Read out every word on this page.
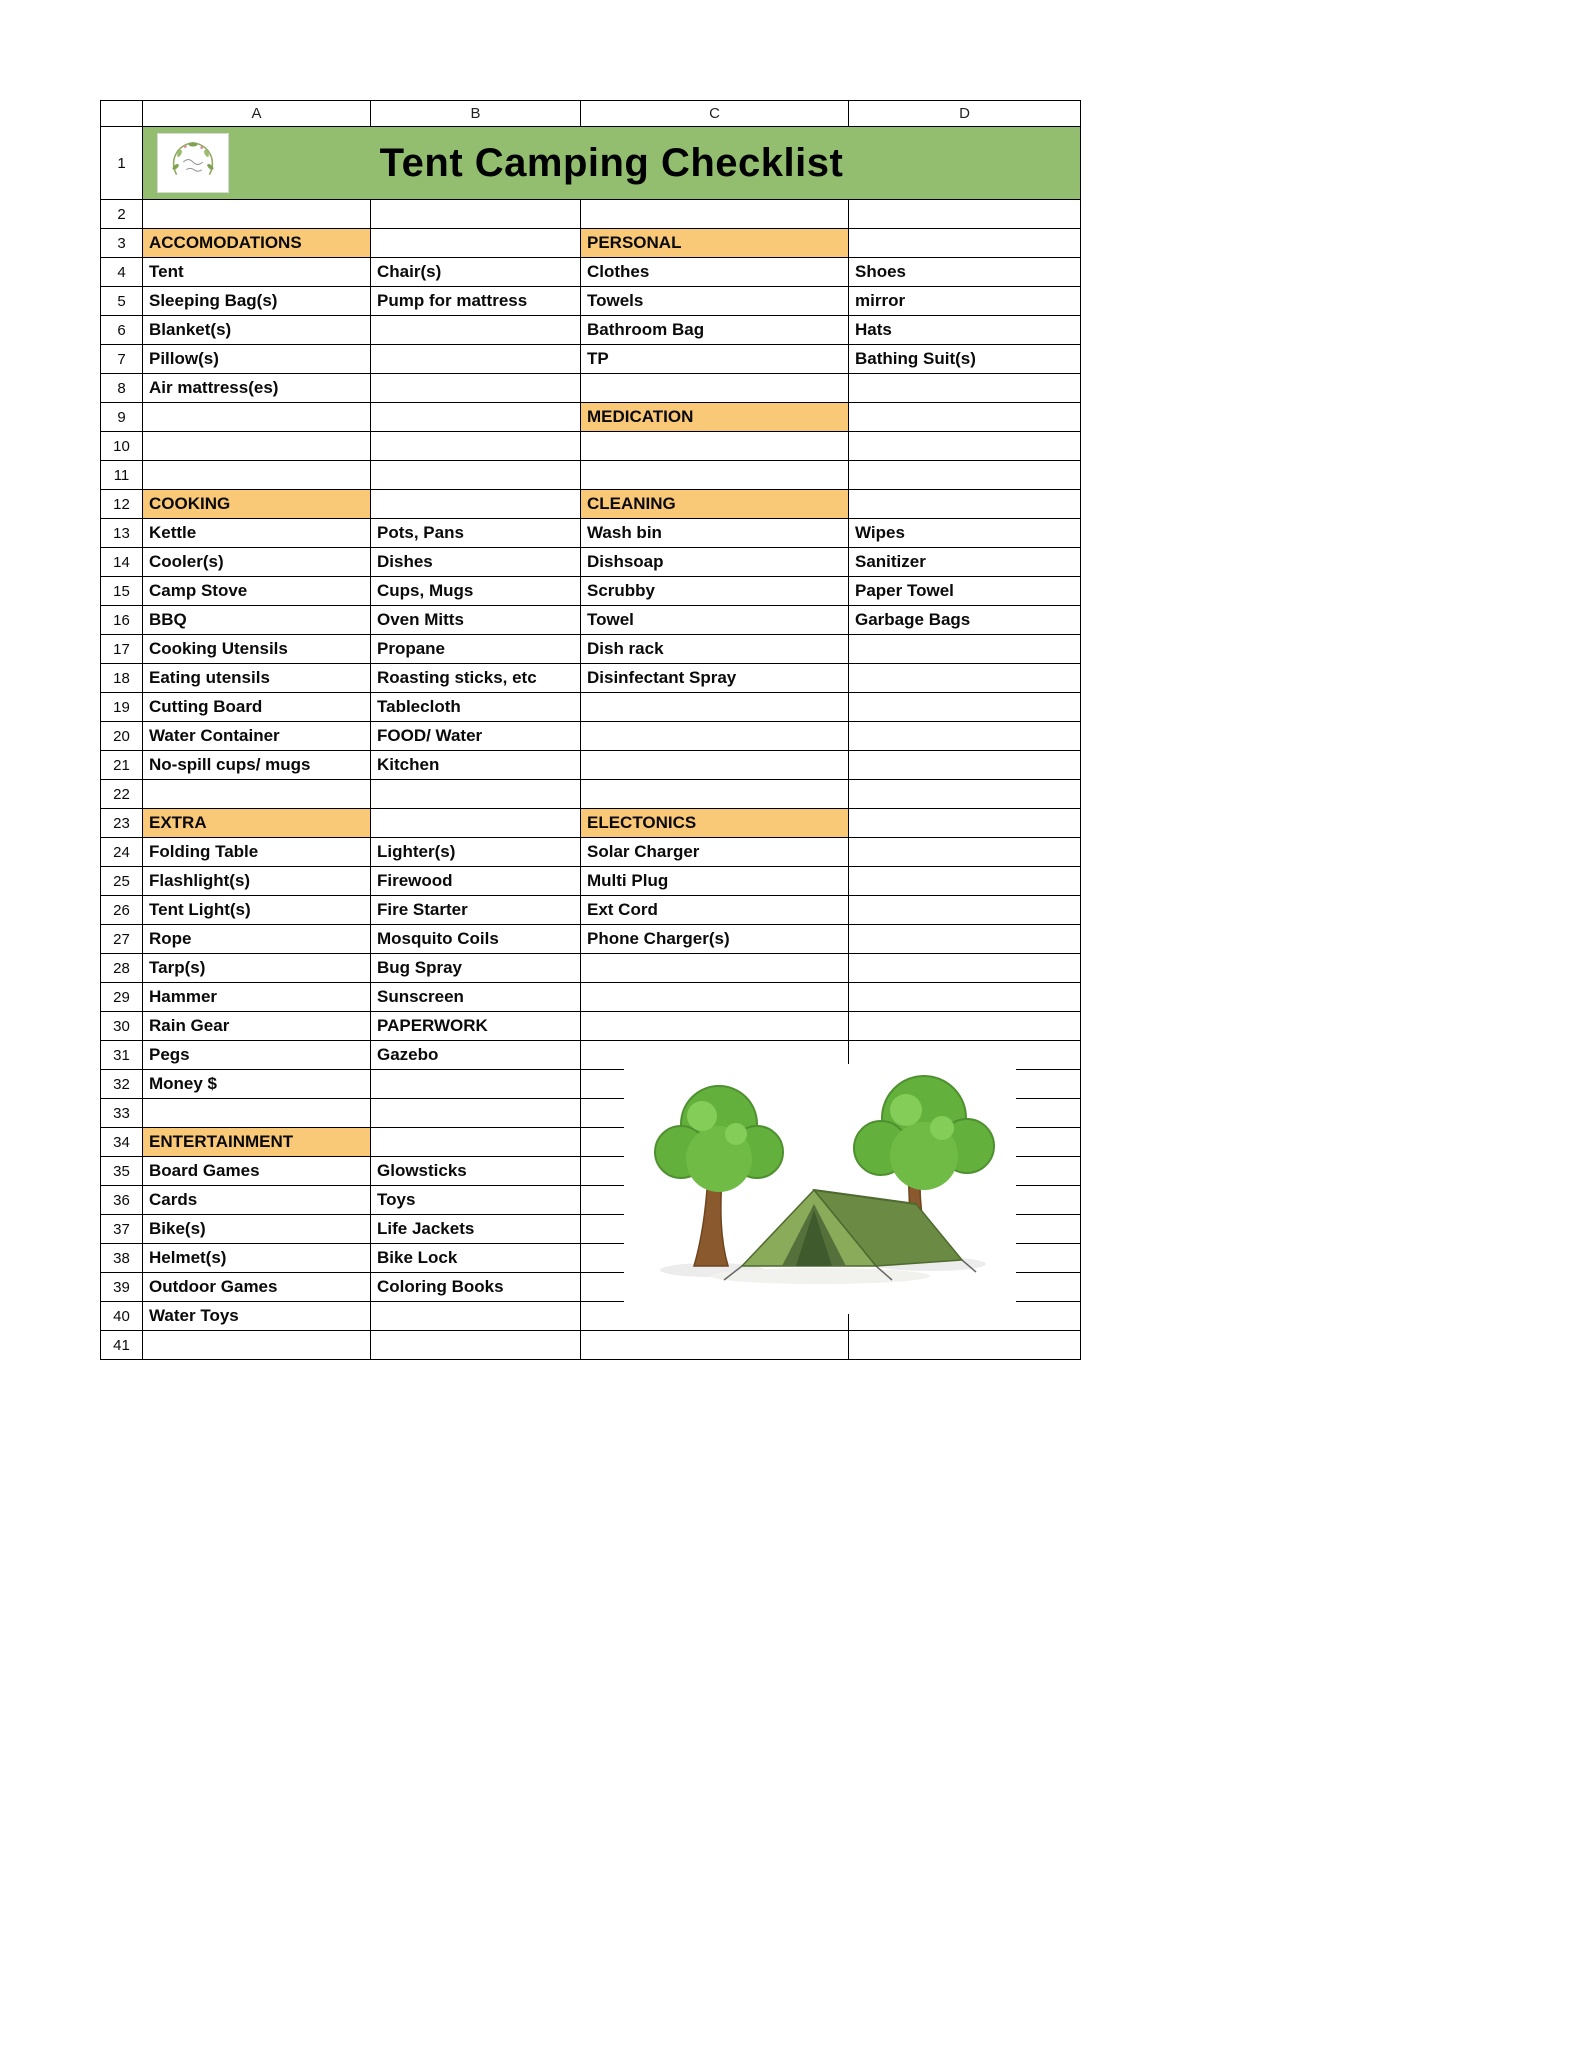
	A	B	C	D
1	Tent Camping Checklist			

2				
3	ACCOMODATIONS		PERSONAL	
4	Tent	Chair(s)	Clothes	Shoes
5	Sleeping Bag(s)	Pump for mattress	Towels	mirror
6	Blanket(s)		Bathroom Bag	Hats
7	Pillow(s)		TP	Bathing Suit(s)
8	Air mattress(es)			
9			MEDICATION	
10				
11				
12	COOKING		CLEANING	
13	Kettle	Pots, Pans	Wash bin	Wipes
14	Cooler(s)	Dishes	Dishsoap	Sanitizer
15	Camp Stove	Cups, Mugs	Scrubby	Paper Towel
16	BBQ	Oven Mitts	Towel	Garbage Bags
17	Cooking Utensils	Propane	Dish rack	
18	Eating utensils	Roasting sticks, etc	Disinfectant Spray	
19	Cutting Board	Tablecloth		
20	Water Container	FOOD/ Water		
21	No-spill cups/ mugs	Kitchen		
22				
23	EXTRA		ELECTONICS	
24	Folding Table	Lighter(s)	Solar Charger	
25	Flashlight(s)	Firewood	Multi Plug	
26	Tent Light(s)	Fire Starter	Ext Cord	
27	Rope	Mosquito Coils	Phone Charger(s)	
28	Tarp(s)	Bug Spray		
29	Hammer	Sunscreen		
30	Rain Gear	PAPERWORK		
31	Pegs	Gazebo		
32	Money $			
33				
34	ENTERTAINMENT			
35	Board Games	Glowsticks		
36	Cards	Toys		
37	Bike(s)	Life Jackets		
38	Helmet(s)	Bike Lock		
39	Outdoor Games	Coloring Books		
40	Water Toys			
41				
